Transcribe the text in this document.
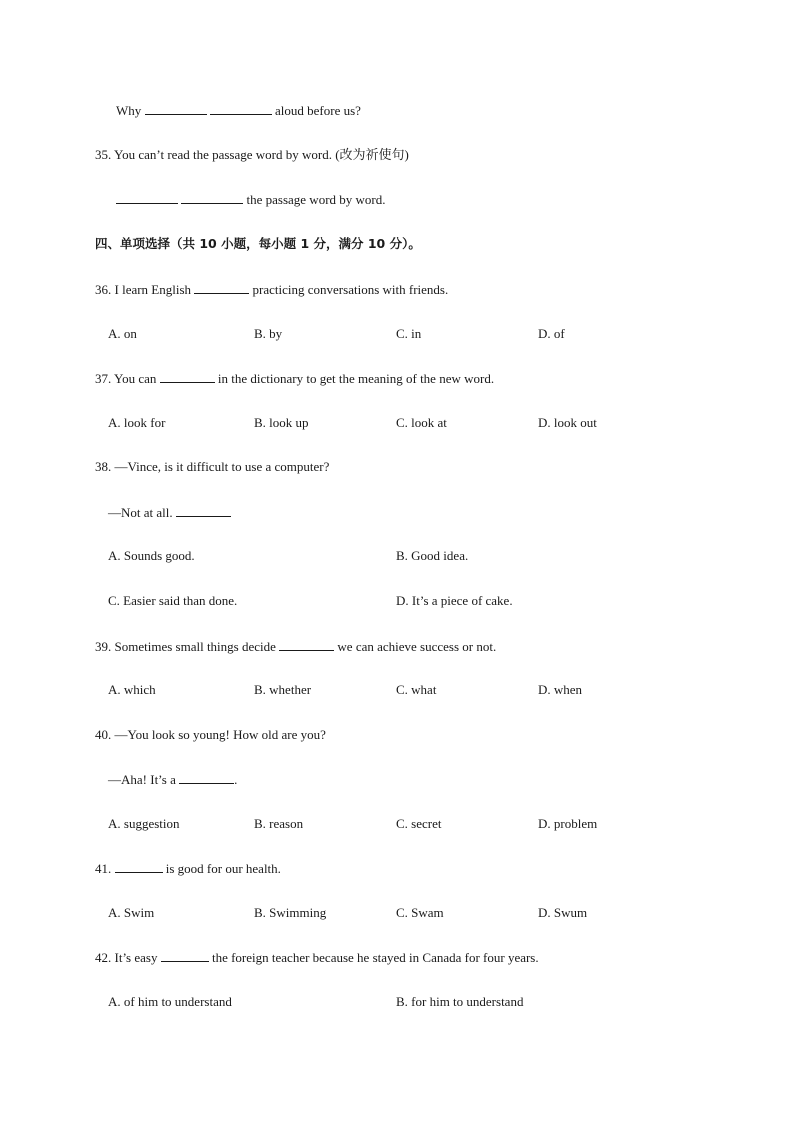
Why	aloud before us?
35. You can’t read the passage word by word. (改为祈使句)
the passage word by word.
四、单项选择（共 10 小题，每小题 1 分，满分 10 分）。
36. I learn English	practicing conversations with friends.
A. on	B. by	C. in	D. of
37. You can	in the dictionary to get the meaning of the new word.
A. look for	B. look up	C. look at	D. look out
38. —Vince, is it difficult to use a computer?
—Not at all.
A. Sounds good.	B. Good idea.
C. Easier said than done.	D. It’s a piece of cake.
39. Sometimes small things decide	we can achieve success or not.
A. which	B. whether	C. what	D. when
40. —You look so young! How old are you?
—Aha! It’s a	.
A. suggestion	B. reason	C. secret	D. problem
41.	is good for our health.
A. Swim	B. Swimming	C. Swam	D. Swum
42. It’s easy	the foreign teacher because he stayed in Canada for four years.
A. of him to understand	B. for him to understand
